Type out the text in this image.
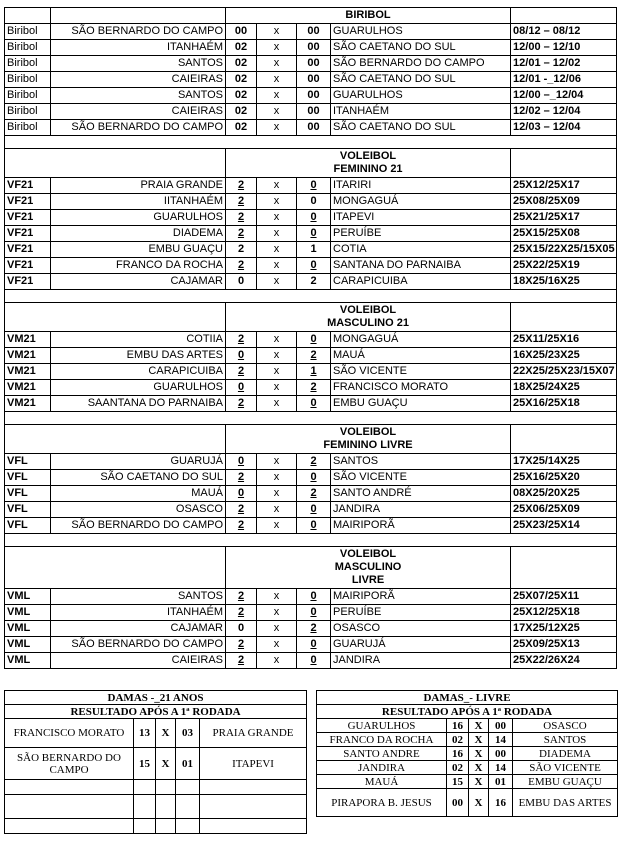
		BIRIBOL				
Biribol	SÃO BERNARDO DO CAMPO	00	x	00	GUARULHOS	08/12 – 08/12
Biribol	ITANHAÉM	02	x	00	SÃO CAETANO DO SUL	12/00 – 12/10
Biribol	SANTOS	02	x	00	SÃO BERNARDO DO CAMPO	12/01 – 12/02
Biribol	CAIEIRAS	02	x	00	SÃO CAETANO DO SUL	12/01 -_12/06
Biribol	SANTOS	02	x	00	GUARULHOS	12/00 –_12/04
Biribol	CAIEIRAS	02	x	00	ITANHAÉM	12/02 – 12/04
Biribol	SÃO BERNARDO DO CAMPO	02	x	00	SÃO CAETANO DO SUL	12/03 – 12/04

		VOLEIBOL
FEMININO 21				
VF21	PRAIA GRANDE	2	x	0	ITARIRI	25X12/25X17
VF21	IITANHAÉM	2	x	0	MONGAGUÁ	25X08/25X09
VF21	GUARULHOS	2	x	0	ITAPEVI	25X21/25X17
VF21	DIADEMA	2	x	0	PERUÍBE	25X15/25X08
VF21	EMBU GUAÇU	2	x	1	COTIA	25X15/22X25/15X05
VF21	FRANCO DA ROCHA	2	x	0	SANTANA DO PARNAIBA	25X22/25X19
VF21	CAJAMAR	0	x	2	CARAPICUIBA	18X25/16X25

		VOLEIBOL
MASCULINO 21				
VM21	COTIIA	2	x	0	MONGAGUÁ	25X11/25X16
VM21	EMBU DAS ARTES	0	x	2	MAUÁ	16X25/23X25
VM21	CARAPICUIBA	2	x	1	SÃO VICENTE	22X25/25X23/15X07
VM21	GUARULHOS	0	x	2	FRANCISCO MORATO	18X25/24X25
VM21	SAANTANA DO PARNAIBA	2	x	0	EMBU GUAÇU	25X16/25X18

		VOLEIBOL
FEMININO LIVRE				
VFL	GUARUJÁ	0	x	2	SANTOS	17X25/14X25
VFL	SÃO CAETANO DO SUL	2	x	0	SÃO VICENTE	25X16/25X20
VFL	MAUÁ	0	x	2	SANTO ANDRÉ	08X25/20X25
VFL	OSASCO	2	x	0	JANDIRA	25X06/25X09
VFL	SÃO BERNARDO DO CAMPO	2	x	0	MAIRIPORÃ	25X23/25X14

		VOLEIBOL
MASCULINO
LIVRE				
VML	SANTOS	2	x	0	MAIRIPORÃ	25X07/25X11
VML	ITANHAÉM	2	x	0	PERUÍBE	25X12/25X18
VML	CAJAMAR	0	x	2	OSASCO	17X25/12X25
VML	SÃO BERNARDO DO CAMPO	2	x	0	GUARUJÁ	25X09/25X13
VML	CAIEIRAS	2	x	0	JANDIRA	25X22/26X24
DAMAS -_21 ANOS				
RESULTADO APÓS A 1ª RODADA				
FRANCISCO MORATO	13	X	03	PRAIA GRANDE
SÃO BERNARDO DO CAMPO	15	X	01	ITAPEVI

DAMAS_- LIVRE				
RESULTADO APÓS A 1ª RODADA				
GUARULHOS	16	X	00	OSASCO
FRANCO DA ROCHA	02	X	14	SANTOS
SANTO ANDRE	16	X	00	DIADEMA
JANDIRA	02	X	14	SÃO VICENTE
MAUÁ	15	X	01	EMBU GUAÇU
PIRAPORA B. JESUS	00	X	16	EMBU DAS ARTES
